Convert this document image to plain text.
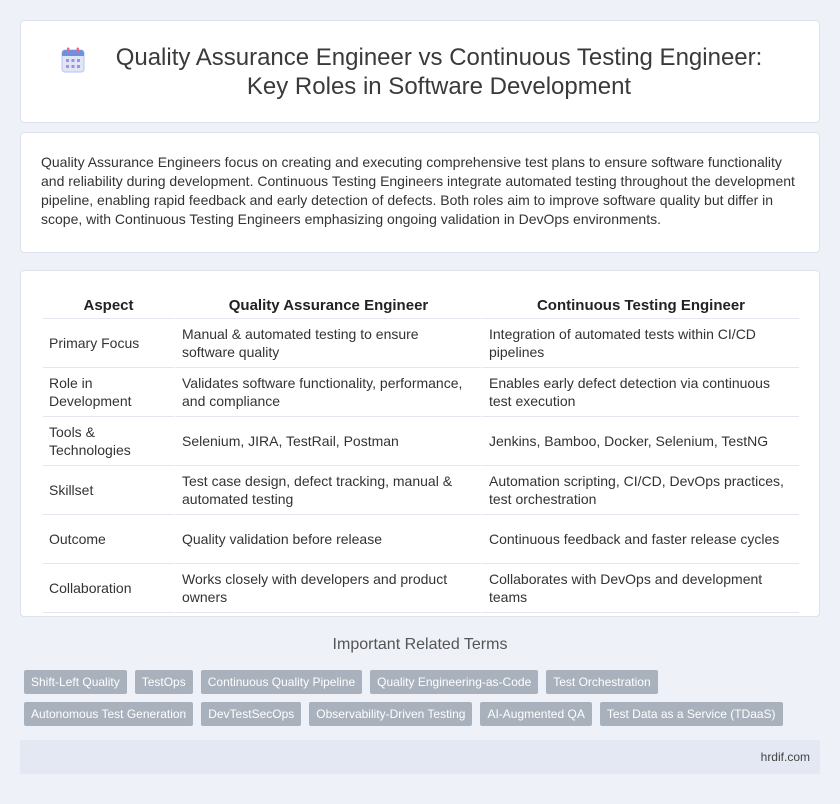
Quality Assurance Engineer vs Continuous Testing Engineer: Key Roles in Software Development

Quality Assurance Engineers focus on creating and executing comprehensive test plans to ensure software functionality and reliability during development. Continuous Testing Engineers integrate automated testing throughout the development pipeline, enabling rapid feedback and early detection of defects. Both roles aim to improve software quality but differ in scope, with Continuous Testing Engineers emphasizing ongoing validation in DevOps environments.

Aspect	Quality Assurance Engineer	Continuous Testing Engineer
Primary Focus	Manual & automated testing to ensure software quality	Integration of automated tests within CI/CD pipelines
Role in Development	Validates software functionality, performance, and compliance	Enables early defect detection via continuous test execution
Tools & Technologies	Selenium, JIRA, TestRail, Postman	Jenkins, Bamboo, Docker, Selenium, TestNG
Skillset	Test case design, defect tracking, manual & automated testing	Automation scripting, CI/CD, DevOps practices, test orchestration
Outcome	Quality validation before release	Continuous feedback and faster release cycles
Collaboration	Works closely with developers and product owners	Collaborates with DevOps and development teams
Important Related Terms
Shift-Left Quality	TestOps	Continuous Quality Pipeline	Quality Engineering-as-Code	Test Orchestration
Autonomous Test Generation	DevTestSecOps	Observability-Driven Testing	AI-Augmented QA	Test Data as a Service (TDaaS)
hrdif.com
